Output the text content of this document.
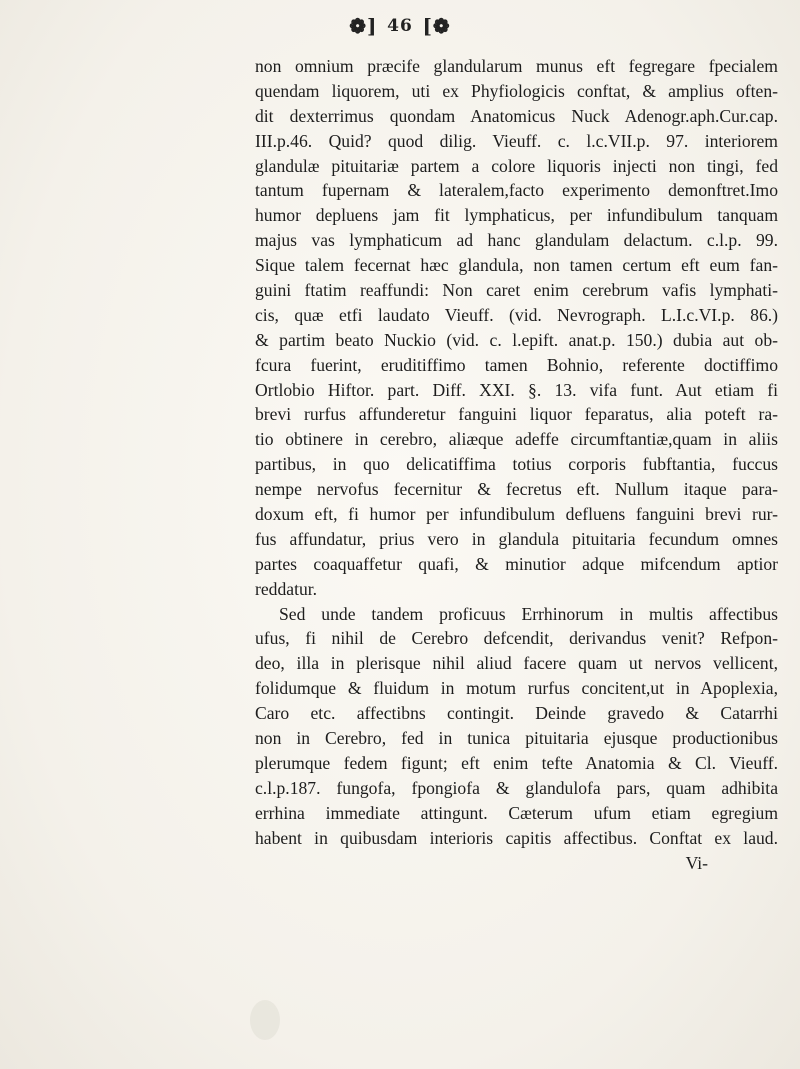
❁] 46 [❁
non omnium præcife glandularum munus eft fegregare fpecialem
quendam liquorem, uti ex Phyfiologicis conftat, & amplius often-
dit dexterrimus quondam Anatomicus Nuck Adenogr.aph.Cur.cap.
III.p.46. Quid? quod dilig. Vieuff. c. l.c.VII.p. 97. interiorem
glandulæ pituitariæ partem a colore liquoris injecti non tingi, fed
tantum fupernam & lateralem,facto experimento demonftret.Imo
humor depluens jam fit lymphaticus, per infundibulum tanquam
majus vas lymphaticum ad hanc glandulam delactum. c.l.p. 99.
Sique talem fecernat hæc glandula, non tamen certum eft eum fan-
guini ftatim reaffundi: Non caret enim cerebrum vafis lymphati-
cis, quæ etfi laudato Vieuff. (vid. Nevrograph. L.I.c.VI.p. 86.)
& partim beato Nuckio (vid. c. l.epift. anat.p. 150.) dubia aut ob-
fcura fuerint, eruditiffimo tamen Bohnio, referente doctiffimo
Ortlobio Hiftor. part. Diff. XXI. §. 13. vifa funt. Aut etiam fi
brevi rurfus affunderetur fanguini liquor feparatus, alia poteft ra-
tio obtinere in cerebro, aliæque adeffe circumftantiæ,quam in aliis
partibus, in quo delicatiffima totius corporis fubftantia, fuccus
nempe nervofus fecernitur & fecretus eft. Nullum itaque para-
doxum eft, fi humor per infundibulum defluens fanguini brevi rur-
fus affundatur, prius vero in glandula pituitaria fecundum omnes
partes coaquaffetur quafi, & minutior adque mifcendum aptior
reddatur.
Sed unde tandem proficuus Errhinorum in multis affectibus
ufus, fi nihil de Cerebro defcendit, derivandus venit? Refpon-
deo, illa in plerisque nihil aliud facere quam ut nervos vellicent,
folidumque & fluidum in motum rurfus concitent,ut in Apoplexia,
Caro etc. affectibns contingit. Deinde gravedo & Catarrhi
non in Cerebro, fed in tunica pituitaria ejusque productionibus
plerumque fedem figunt; eft enim tefte Anatomia & Cl. Vieuff.
c.l.p.187. fungofa, fpongiofa & glandulofa pars, quam adhibita
errhina immediate attingunt. Cæterum ufum etiam egregium
habent in quibusdam interioris capitis affectibus. Conftat ex laud.
Vi-
